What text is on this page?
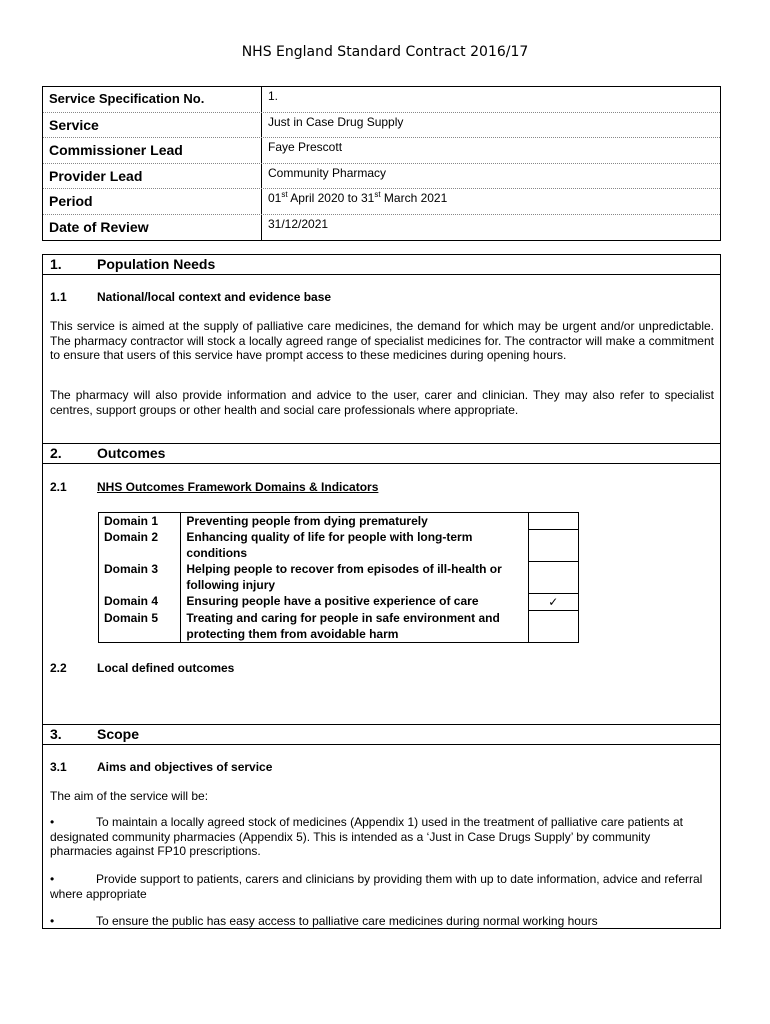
NHS England Standard Contract 2016/17
Service Specification No.	1.
Service	Just in Case Drug Supply
Commissioner Lead	Faye Prescott
Provider Lead	Community Pharmacy
Period	01st April 2020 to 31st March 2021
Date of Review	31/12/2021
1.	Population Needs
1.1	National/local context and evidence base
This service is aimed at the supply of palliative care medicines, the demand for which may be urgent and/or unpredictable. The pharmacy contractor will stock a locally agreed range of specialist medicines for. The contractor will make a commitment to ensure that users of this service have prompt access to these medicines during opening hours.
The pharmacy will also provide information and advice to the user, carer and clinician. They may also refer to specialist centres, support groups or other health and social care professionals where appropriate.
2.	Outcomes
2.1	NHS Outcomes Framework Domains & Indicators
Domain 1	Preventing people from dying prematurely	
Domain 2	Enhancing quality of life for people with long-term conditions	
Domain 3	Helping people to recover from episodes of ill-health or following injury	
Domain 4	Ensuring people have a positive experience of care	✓
Domain 5	Treating and caring for people in safe environment and protecting them from avoidable harm	
2.2	Local defined outcomes
3.	Scope
3.1	Aims and objectives of service
The aim of the service will be:
•	To maintain a locally agreed stock of medicines (Appendix 1) used in the treatment of palliative care patients at designated community pharmacies (Appendix 5). This is intended as a ‘Just in Case Drugs Supply’ by community pharmacies against FP10 prescriptions.
•	Provide support to patients, carers and clinicians by providing them with up to date information, advice and referral where appropriate
•	To ensure the public has easy access to palliative care medicines during normal working hours
